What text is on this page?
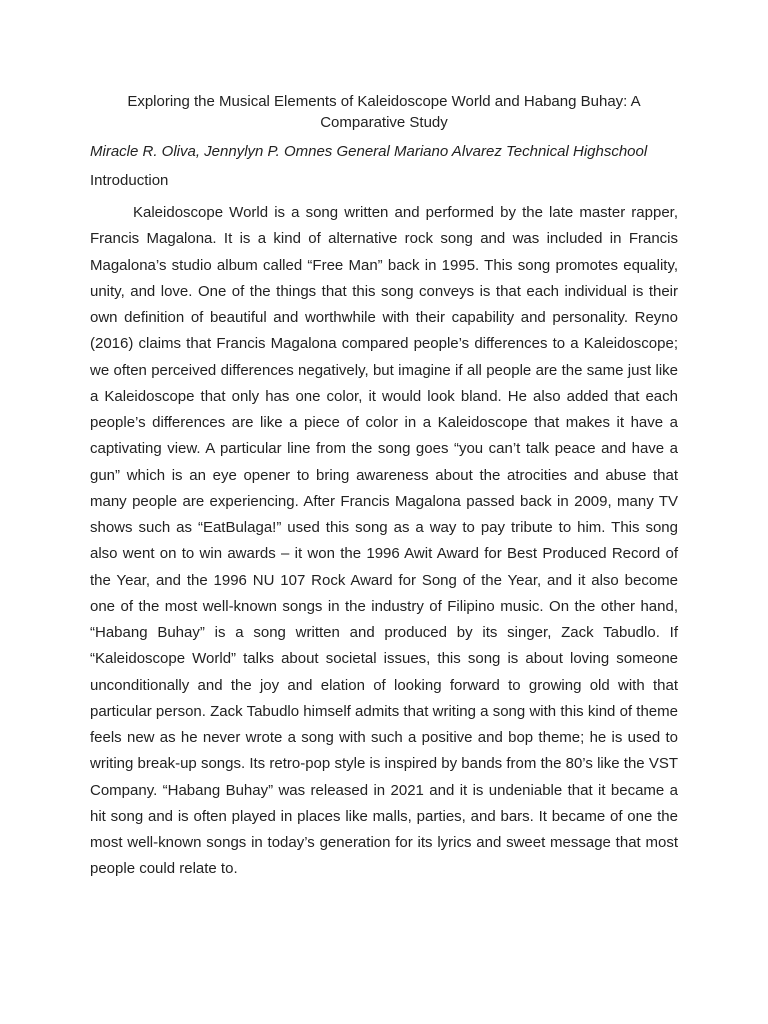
Exploring the Musical Elements of Kaleidoscope World and Habang Buhay: A Comparative Study

Miracle R. Oliva, Jennylyn P. Omnes General Mariano Alvarez Technical Highschool

Introduction

Kaleidoscope World is a song written and performed by the late master rapper, Francis Magalona. It is a kind of alternative rock song and was included in Francis Magalona’s studio album called “Free Man” back in 1995. This song promotes equality, unity, and love. One of the things that this song conveys is that each individual is their own definition of beautiful and worthwhile with their capability and personality. Reyno (2016) claims that Francis Magalona compared people’s differences to a Kaleidoscope; we often perceived differences negatively, but imagine if all people are the same just like a Kaleidoscope that only has one color, it would look bland. He also added that each people’s differences are like a piece of color in a Kaleidoscope that makes it have a captivating view. A particular line from the song goes “you can’t talk peace and have a gun” which is an eye opener to bring awareness about the atrocities and abuse that many people are experiencing. After Francis Magalona passed back in 2009, many TV shows such as “EatBulaga!” used this song as a way to pay tribute to him. This song also went on to win awards – it won the 1996 Awit Award for Best Produced Record of the Year, and the 1996 NU 107 Rock Award for Song of the Year, and it also become one of the most well-known songs in the industry of Filipino music. On the other hand, “Habang Buhay” is a song written and produced by its singer, Zack Tabudlo. If “Kaleidoscope World” talks about societal issues, this song is about loving someone unconditionally and the joy and elation of looking forward to growing old with that particular person. Zack Tabudlo himself admits that writing a song with this kind of theme feels new as he never wrote a song with such a positive and bop theme; he is used to writing break-up songs. Its retro-pop style is inspired by bands from the 80’s like the VST Company. “Habang Buhay” was released in 2021 and it is undeniable that it became a hit song and is often played in places like malls, parties, and bars. It became of one the most well-known songs in today’s generation for its lyrics and sweet message that most people could relate to.
